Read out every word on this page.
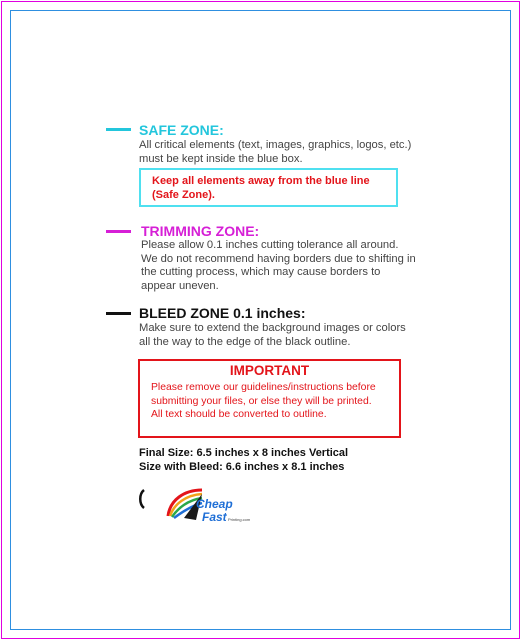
SAFE ZONE:
All critical elements (text, images, graphics, logos, etc.)
must be kept inside the blue box.
Keep all elements away from the blue line
(Safe Zone).
TRIMMING ZONE:
Please allow 0.1 inches cutting tolerance all around.
We do not recommend having borders due to shifting in
the cutting process, which may cause borders to
appear uneven.
BLEED ZONE 0.1 inches:
Make sure to extend the background images or colors
all the way to the edge of the black outline.
IMPORTANT
Please remove our guidelines/instructions before
submitting your files, or else they will be printed.
All text should be converted to outline.
Final Size: 6.5 inches x 8 inches Vertical
Size with Bleed: 6.6 inches x 8.1 inches
Cheap
Fast Printing.com
